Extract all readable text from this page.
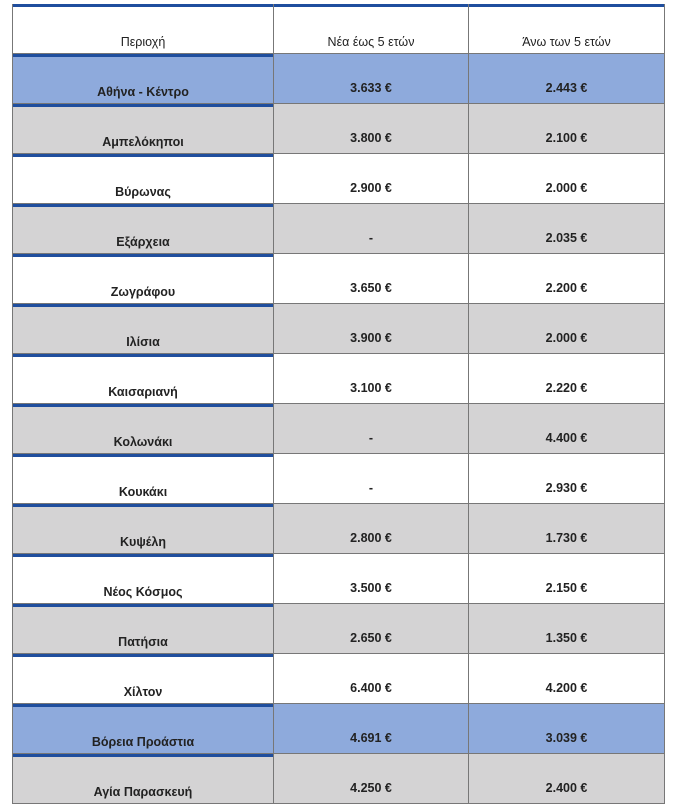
Περιοχή	Νέα έως 5 ετών	Άνω των 5 ετών
Αθήνα - Κέντρο	3.633 €	2.443 €
Αμπελόκηποι	3.800 €	2.100 €
Βύρωνας	2.900 €	2.000 €
Εξάρχεια	-	2.035 €
Ζωγράφου	3.650 €	2.200 €
Ιλίσια	3.900 €	2.000 €
Καισαριανή	3.100 €	2.220 €
Κολωνάκι	-	4.400 €
Κουκάκι	-	2.930 €
Κυψέλη	2.800 €	1.730 €
Νέος Κόσμος	3.500 €	2.150 €
Πατήσια	2.650 €	1.350 €
Χίλτον	6.400 €	4.200 €
Βόρεια Προάστια	4.691 €	3.039 €
Αγία Παρασκευή	4.250 €	2.400 €
